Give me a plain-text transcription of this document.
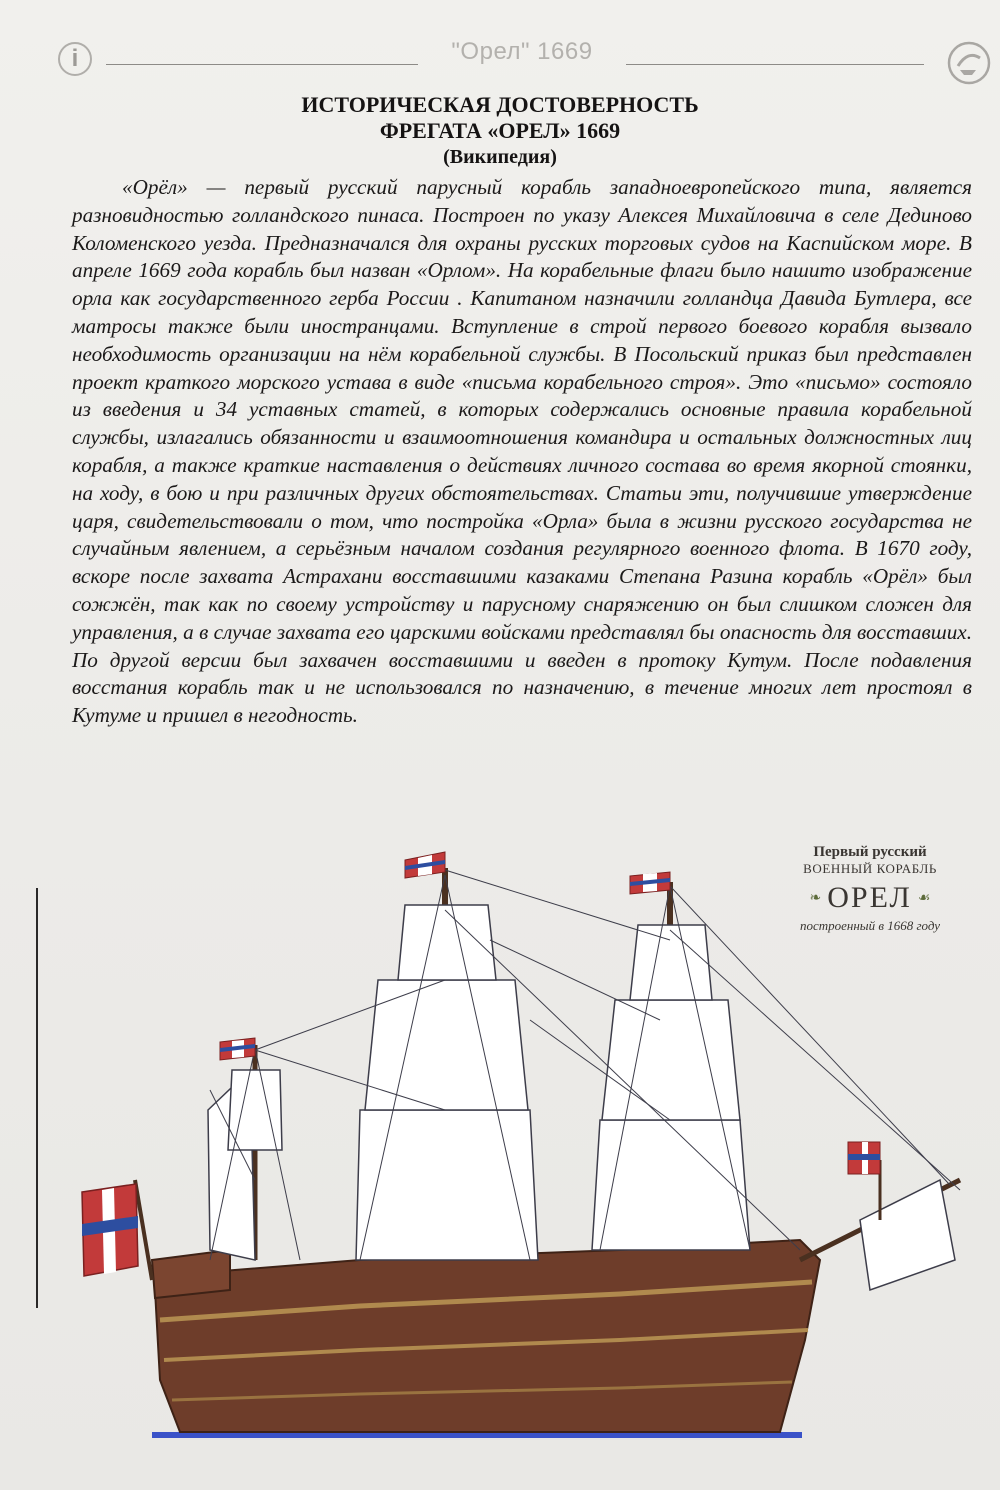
i	"Орел" 1669
ИСТОРИЧЕСКАЯ ДОСТОВЕРНОСТЬ
ФРЕГАТА «ОРЕЛ» 1669
(Википедия)
«Орёл» — первый русский парусный корабль западноевропейского типа, является разновидностью голландского пинаса. Построен по указу Алексея Михайловича в селе Дединово Коломенского уезда. Предназначался для охраны русских торговых судов на Каспийском море. В апреле 1669 года корабль был назван «Орлом». На корабельные флаги было нашито изображение орла как государственного герба России . Капитаном назначили голландца Давида Бутлера, все матросы также были иностранцами. Вступление в строй первого боевого корабля вызвало необходимость организации на нём корабельной службы. В Посольский приказ был представлен проект краткого морского устава в виде «письма корабельного строя». Это «письмо» состояло из введения и 34 уставных статей, в которых содержались основные правила корабельной службы, излагались обязанности и взаимоотношения командира и остальных должностных лиц корабля, а также краткие наставления о действиях личного состава во время якорной стоянки, на ходу, в бою и при различных других обстоятельствах. Статьи эти, получившие утверждение царя, свидетельствовали о том, что постройка «Орла» была в жизни русского государства не случайным явлением, а серьёзным началом создания регулярного военного флота. В 1670 году, вскоре после захвата Астрахани восставшими казаками Степана Разина корабль «Орёл» был сожжён, так как по своему устройству и парусному снаряжению он был слишком сложен для управления, а в случае захвата его царскими войсками представлял бы опасность для восставших. По другой версии был захвачен восставшими и введен в протоку Кутум. После подавления восстания корабль так и не использовался по назначению, в течение многих лет простоял в Кутуме и пришел в негодность.
Первый русский
ВОЕННЫЙ КОРАБЛЬ
❧ ОРЕЛ ☙
построенный в 1668 году
